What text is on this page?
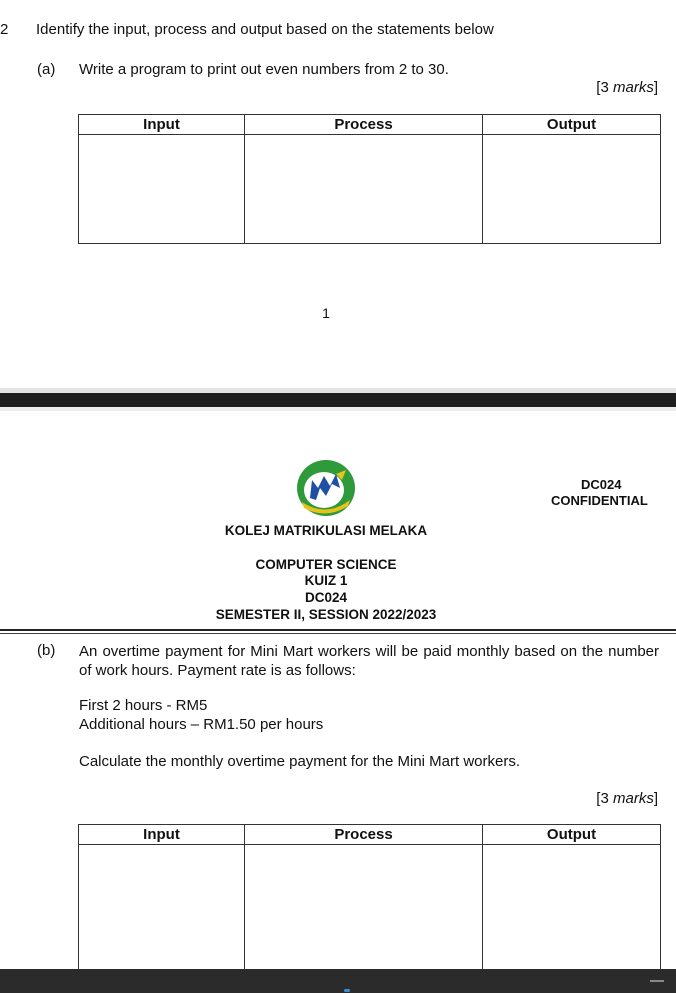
2 Identify the input, process and output based on the statements below
(a) Write a program to print out even numbers from 2 to 30.
[3 marks]
Input	Process	Output

1
DC024
CONFIDENTIAL
KOLEJ MATRIKULASI MELAKA
COMPUTER SCIENCE
KUIZ 1
DC024
SEMESTER II, SESSION 2022/2023
(b) An overtime payment for Mini Mart workers will be paid monthly based on the number of work hours. Payment rate is as follows:
First 2 hours - RM5
Additional hours – RM1.50 per hours
Calculate the monthly overtime payment for the Mini Mart workers.
[3 marks]
Input	Process	Output
